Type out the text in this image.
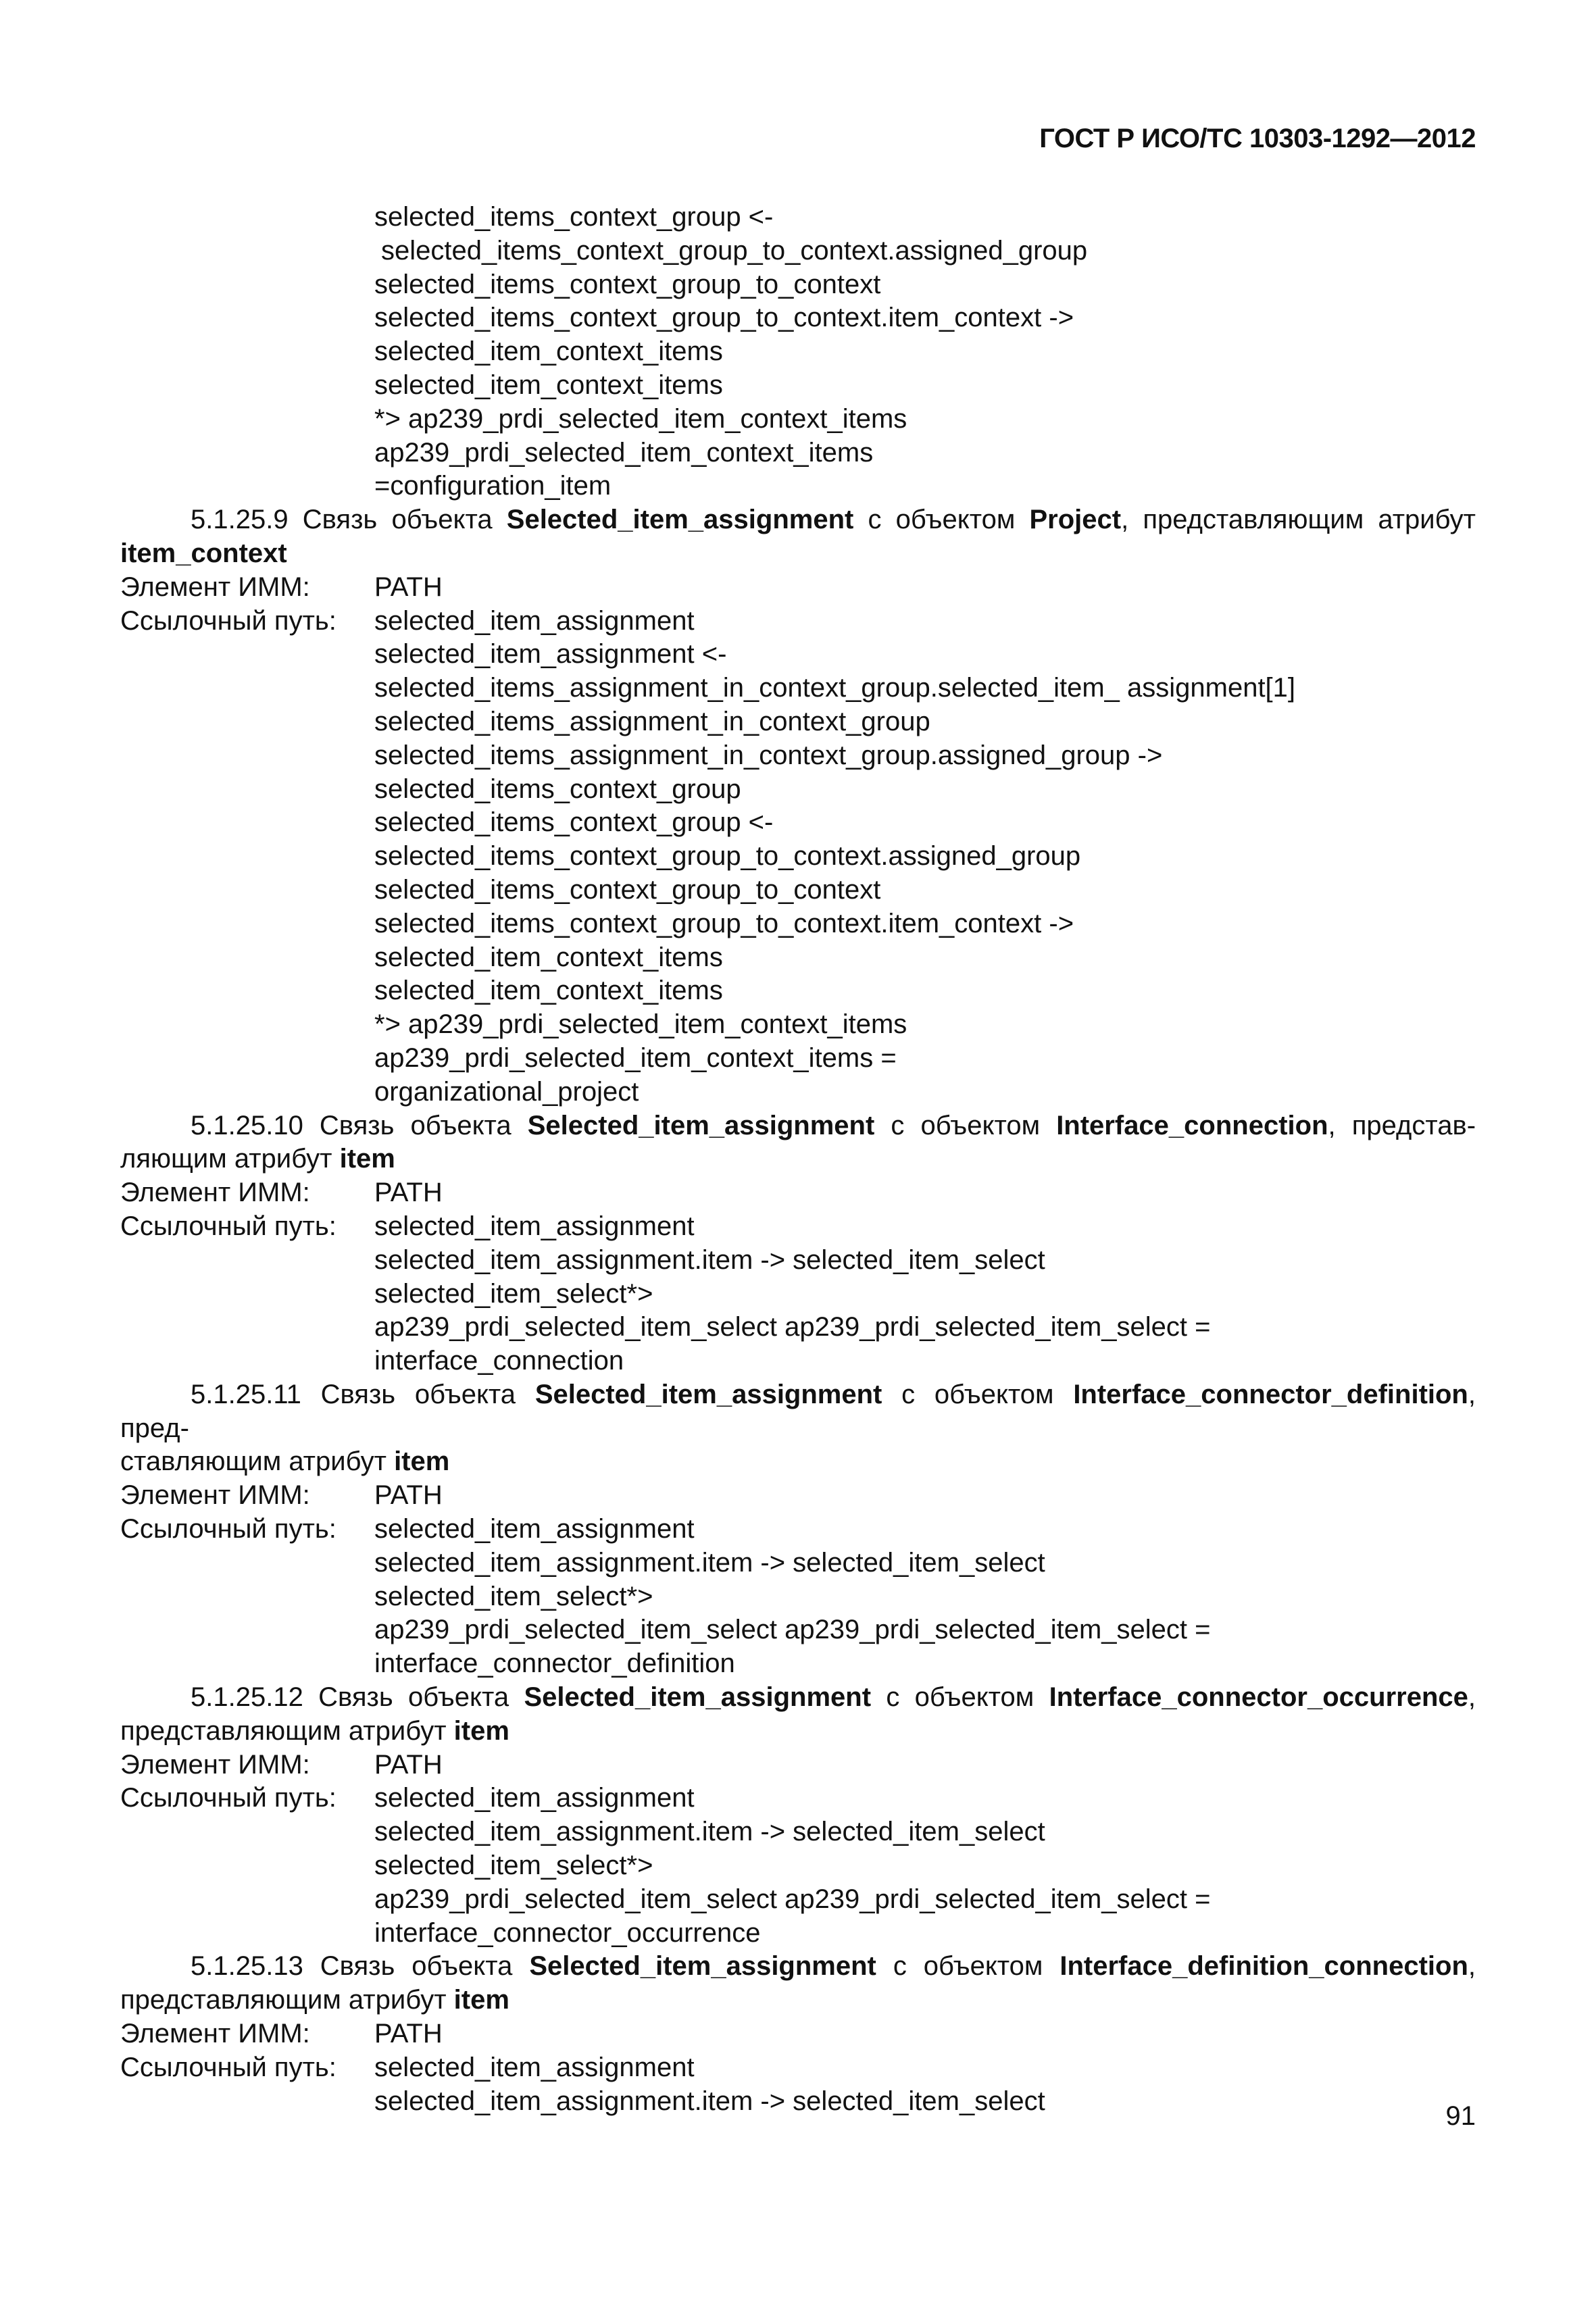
ГОСТ Р ИСО/ТС 10303-1292—2012
selected_items_context_group <-
selected_items_context_group_to_context.assigned_group
selected_items_context_group_to_context
selected_items_context_group_to_context.item_context ->
selected_item_context_items
selected_item_context_items
*> ap239_prdi_selected_item_context_items
ap239_prdi_selected_item_context_items
=configuration_item
5.1.25.9 Связь объекта Selected_item_assignment с объектом Project, представляющим атрибут
item_context
Элемент ИММ:	PATH
Ссылочный путь:	selected_item_assignment
selected_item_assignment <-
selected_items_assignment_in_context_group.selected_item_ assignment[1]
selected_items_assignment_in_context_group
selected_items_assignment_in_context_group.assigned_group ->
selected_items_context_group
selected_items_context_group <-
selected_items_context_group_to_context.assigned_group
selected_items_context_group_to_context
selected_items_context_group_to_context.item_context ->
selected_item_context_items
selected_item_context_items
*> ap239_prdi_selected_item_context_items
ap239_prdi_selected_item_context_items =
organizational_project
5.1.25.10 Связь объекта Selected_item_assignment с объектом Interface_connection, представ-
ляющим атрибут item
Элемент ИММ:	PATH
Ссылочный путь:	selected_item_assignment
selected_item_assignment.item -> selected_item_select
selected_item_select*>
ap239_prdi_selected_item_select ap239_prdi_selected_item_select =
interface_connection
5.1.25.11 Связь объекта Selected_item_assignment с объектом Interface_connector_definition, пред-
ставляющим атрибут item
Элемент ИММ:	PATH
Ссылочный путь:	selected_item_assignment
selected_item_assignment.item -> selected_item_select
selected_item_select*>
ap239_prdi_selected_item_select ap239_prdi_selected_item_select =
interface_connector_definition
5.1.25.12 Связь объекта Selected_item_assignment с объектом Interface_connector_occurrence,
представляющим атрибут item
Элемент ИММ:	PATH
Ссылочный путь:	selected_item_assignment
selected_item_assignment.item -> selected_item_select
selected_item_select*>
ap239_prdi_selected_item_select ap239_prdi_selected_item_select =
interface_connector_occurrence
5.1.25.13 Связь объекта Selected_item_assignment с объектом Interface_definition_connection,
представляющим атрибут item
Элемент ИММ:	PATH
Ссылочный путь:	selected_item_assignment
selected_item_assignment.item -> selected_item_select
91
